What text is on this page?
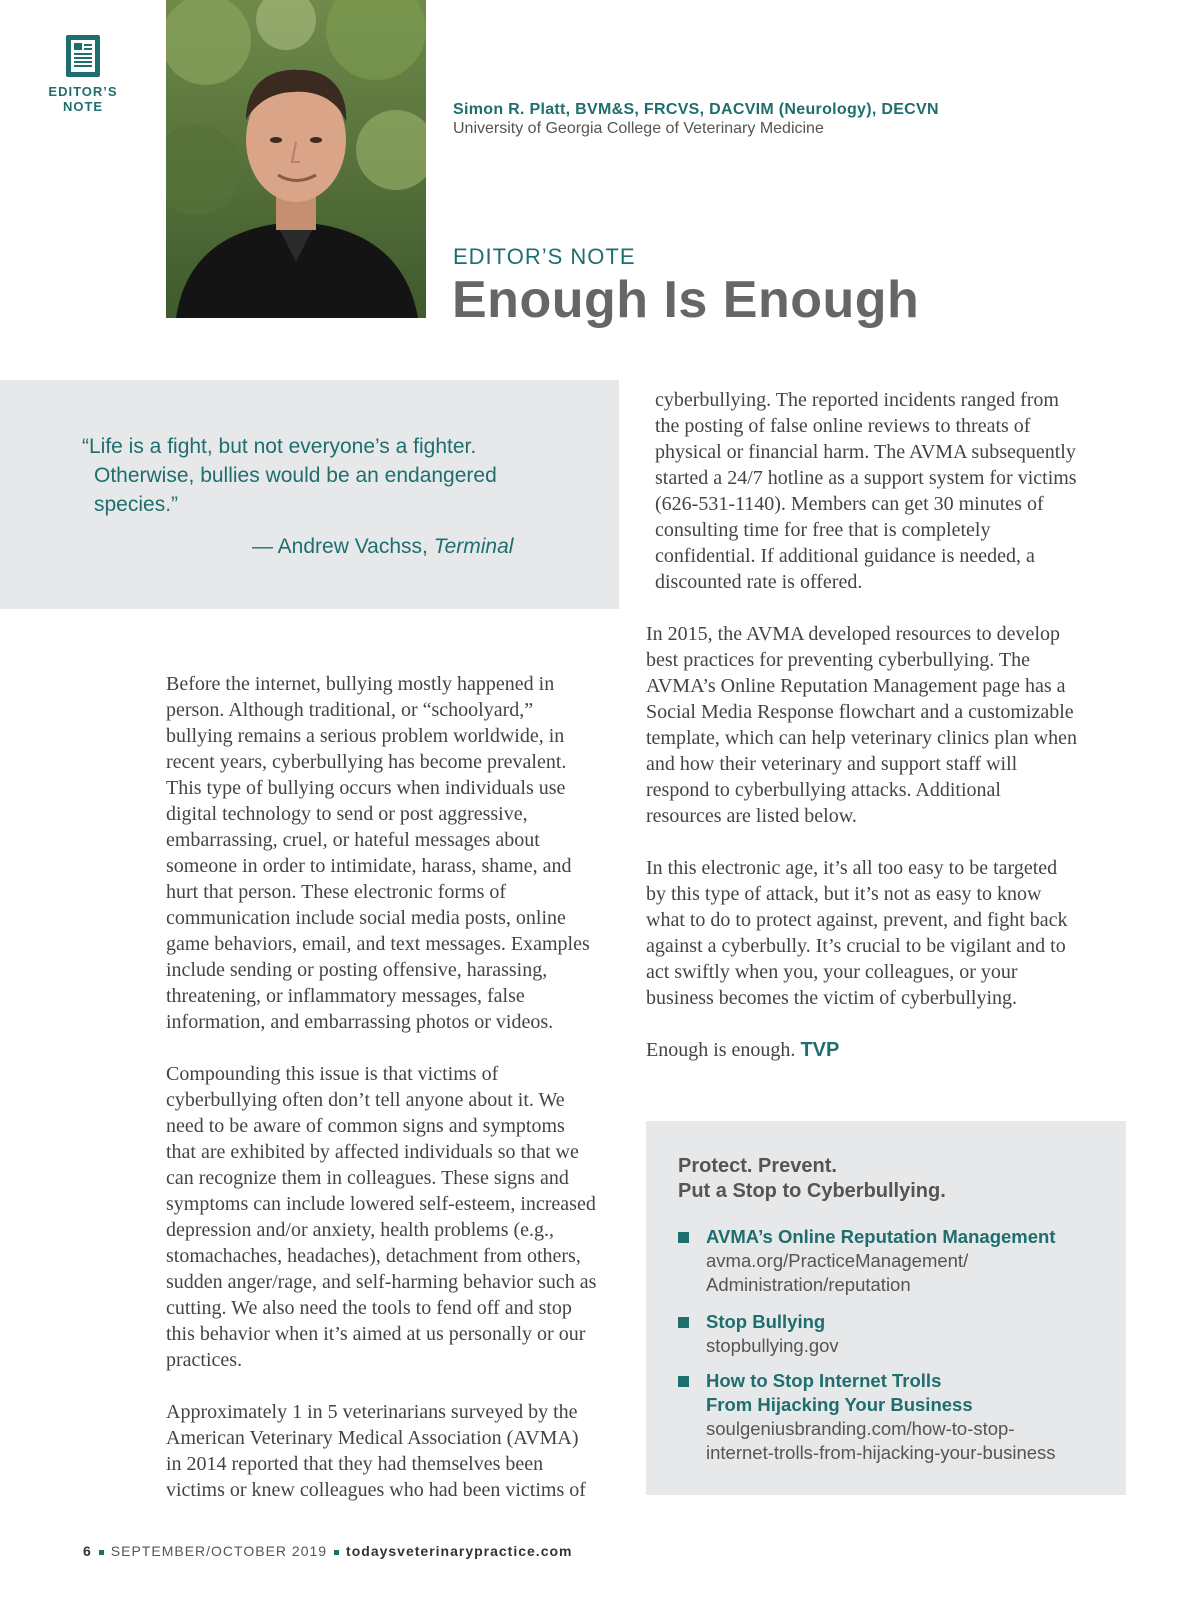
EDITOR’S
NOTE	Simon R. Platt, BVM&S, FRCVS, DACVIM (Neurology), DECVN
University of Georgia College of Veterinary Medicine
EDITOR’S NOTE
Enough Is Enough
“Life is a fight, but not everyone’s a fighter. Otherwise, bullies would be an endangered species.”
— Andrew Vachss, Terminal

Before the internet, bullying mostly happened in person. Although traditional, or “schoolyard,” bullying remains a serious problem worldwide, in recent years, cyberbullying has become prevalent. This type of bullying occurs when individuals use digital technology to send or post aggressive, embarrassing, cruel, or hateful messages about someone in order to intimidate, harass, shame, and hurt that person. These electronic forms of communication include social media posts, online game behaviors, email, and text messages. Examples include sending or posting offensive, harassing, threatening, or inflammatory messages, false information, and embarrassing photos or videos.

Compounding this issue is that victims of cyberbullying often don’t tell anyone about it. We need to be aware of common signs and symptoms that are exhibited by affected individuals so that we can recognize them in colleagues. These signs and symptoms can include lowered self-esteem, increased depression and/or anxiety, health problems (e.g., stomachaches, headaches), detachment from others, sudden anger/rage, and self-harming behavior such as cutting. We also need the tools to fend off and stop this behavior when it’s aimed at us personally or our practices.

Approximately 1 in 5 veterinarians surveyed by the American Veterinary Medical Association (AVMA) in 2014 reported that they had themselves been victims or knew colleagues who had been victims of

cyberbullying. The reported incidents ranged from the posting of false online reviews to threats of physical or financial harm. The AVMA subsequently started a 24/7 hotline as a support system for victims (626-531-1140). Members can get 30 minutes of consulting time for free that is completely confidential. If additional guidance is needed, a discounted rate is offered.

In 2015, the AVMA developed resources to develop best practices for preventing cyberbullying. The AVMA’s Online Reputation Management page has a Social Media Response flowchart and a customizable template, which can help veterinary clinics plan when and how their veterinary and support staff will respond to cyberbullying attacks. Additional resources are listed below.

In this electronic age, it’s all too easy to be targeted by this type of attack, but it’s not as easy to know what to do to protect against, prevent, and fight back against a cyberbully. It’s crucial to be vigilant and to act swiftly when you, your colleagues, or your business becomes the victim of cyberbullying.

Enough is enough. TVP

Protect. Prevent.
Put a Stop to Cyberbullying.
AVMA’s Online Reputation Management
avma.org/PracticeManagement/
Administration/reputation
Stop Bullying
stopbullying.gov
How to Stop Internet Trolls
From Hijacking Your Business
soulgeniusbranding.com/how-to-stop-
internet-trolls-from-hijacking-your-business
6 SEPTEMBER/OCTOBER 2019 todaysveterinarypractice.com
